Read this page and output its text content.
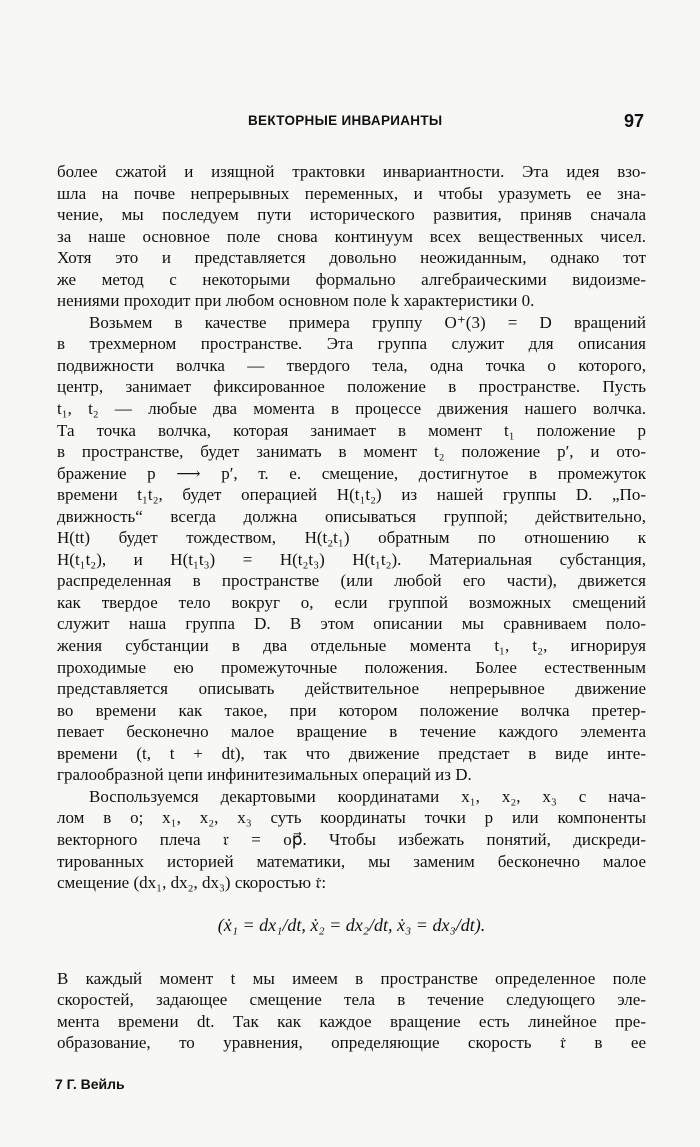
ВЕКТОРНЫЕ ИНВАРИАНТЫ	97
более сжатой и изящной трактовки инвариантности. Эта идея взо-
шла на почве непрерывных переменных, и чтобы уразуметь ее зна-
чение, мы последуем пути исторического развития, приняв сначала
за наше основное поле снова континуум всех вещественных чисел.
Хотя это и представляется довольно неожиданным, однако тот
же метод с некоторыми формально алгебраическими видоизме-
нениями проходит при любом основном поле k характеристики 0.
Возьмем в качестве примера группу O⁺(3) = D вращений
в трехмерном пространстве. Эта группа служит для описания
подвижности волчка — твердого тела, одна точка o которого,
центр, занимает фиксированное положение в пространстве. Пусть
t₁, t₂ — любые два момента в процессе движения нашего волчка.
Та точка волчка, которая занимает в момент t₁ положение p
в пространстве, будет занимать в момент t₂ положение p′, и ото-
бражение p ⟶ p′, т. е. смещение, достигнутое в промежуток
времени t₁t₂, будет операцией H(t₁t₂) из нашей группы D. „По-
движность“ всегда должна описываться группой; действительно,
H(tt) будет тождеством, H(t₂t₁) обратным по отношению к
H(t₁t₂), и H(t₁t₃) = H(t₂t₃) H(t₁t₂). Материальная субстанция,
распределенная в пространстве (или любой его части), движется
как твердое тело вокруг o, если группой возможных смещений
служит наша группа D. В этом описании мы сравниваем поло-
жения субстанции в два отдельные момента t₁, t₂, игнорируя
проходимые ею промежуточные положения. Более естественным
представляется описывать действительное непрерывное движение
во времени как такое, при котором положение волчка претер-
певает бесконечно малое вращение в течение каждого элемента
времени (t, t + dt), так что движение предстает в виде инте-
гралообразной цепи инфинитезимальных операций из D.
Воспользуемся декартовыми координатами x₁, x₂, x₃ с нача-
лом в o; x₁, x₂, x₃ суть координаты точки p или компоненты
векторного плеча 𝔯 = op⃗. Чтобы избежать понятий, дискреди-
тированных историей математики, мы заменим бесконечно малое
смещение (dx₁, dx₂, dx₃) скоростью 𝔯̇:
(ẋ₁ = dx₁/dt, ẋ₂ = dx₂/dt, ẋ₃ = dx₃/dt).
В каждый момент t мы имеем в пространстве определенное поле
скоростей, задающее смещение тела в течение следующего эле-
мента времени dt. Так как каждое вращение есть линейное пре-
образование, то уравнения, определяющие скорость 𝔯̇ в ее
7 Г. Вейль
